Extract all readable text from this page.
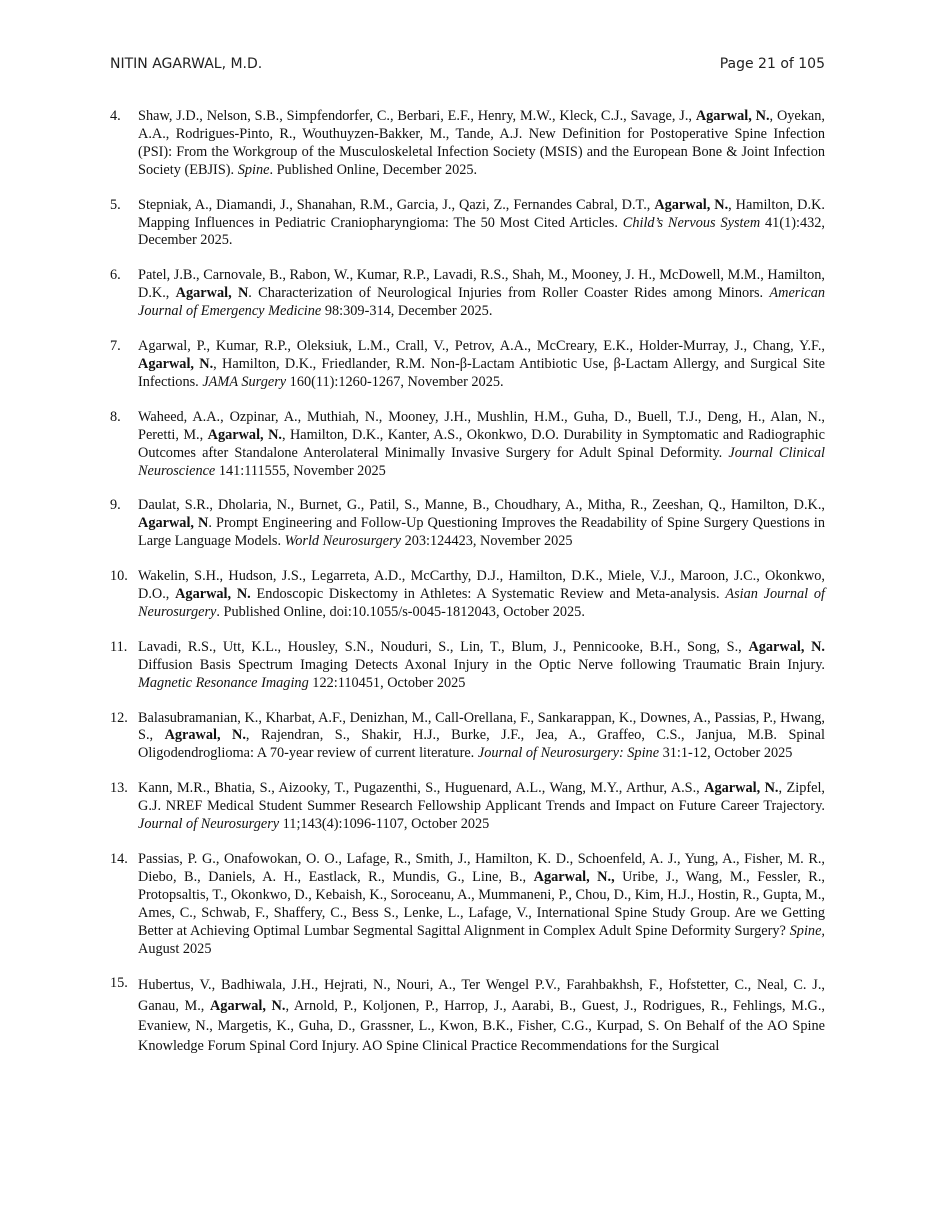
NITIN AGARWAL, M.D.	Page 21 of 105
4.	Shaw, J.D., Nelson, S.B., Simpfendorfer, C., Berbari, E.F., Henry, M.W., Kleck, C.J., Savage, J., Agarwal, N., Oyekan, A.A., Rodrigues-Pinto, R., Wouthuyzen-Bakker, M., Tande, A.J. New Definition for Postoperative Spine Infection (PSI): From the Workgroup of the Musculoskeletal Infection Society (MSIS) and the European Bone & Joint Infection Society (EBJIS). Spine. Published Online, December 2025.
5.	Stepniak, A., Diamandi, J., Shanahan, R.M., Garcia, J., Qazi, Z., Fernandes Cabral, D.T., Agarwal, N., Hamilton, D.K. Mapping Influences in Pediatric Craniopharyngioma: The 50 Most Cited Articles. Child’s Nervous System 41(1):432, December 2025.
6.	Patel, J.B., Carnovale, B., Rabon, W., Kumar, R.P., Lavadi, R.S., Shah, M., Mooney, J. H., McDowell, M.M., Hamilton, D.K., Agarwal, N. Characterization of Neurological Injuries from Roller Coaster Rides among Minors. American Journal of Emergency Medicine 98:309-314, December 2025.
7.	Agarwal, P., Kumar, R.P., Oleksiuk, L.M., Crall, V., Petrov, A.A., McCreary, E.K., Holder-Murray, J., Chang, Y.F., Agarwal, N., Hamilton, D.K., Friedlander, R.M. Non-β-Lactam Antibiotic Use, β-Lactam Allergy, and Surgical Site Infections. JAMA Surgery 160(11):1260-1267, November 2025.
8.	Waheed, A.A., Ozpinar, A., Muthiah, N., Mooney, J.H., Mushlin, H.M., Guha, D., Buell, T.J., Deng, H., Alan, N., Peretti, M., Agarwal, N., Hamilton, D.K., Kanter, A.S., Okonkwo, D.O. Durability in Symptomatic and Radiographic Outcomes after Standalone Anterolateral Minimally Invasive Surgery for Adult Spinal Deformity. Journal Clinical Neuroscience 141:111555, November 2025
9.	Daulat, S.R., Dholaria, N., Burnet, G., Patil, S., Manne, B., Choudhary, A., Mitha, R., Zeeshan, Q., Hamilton, D.K., Agarwal, N. Prompt Engineering and Follow-Up Questioning Improves the Readability of Spine Surgery Questions in Large Language Models. World Neurosurgery 203:124423, November 2025
10. Wakelin, S.H., Hudson, J.S., Legarreta, A.D., McCarthy, D.J., Hamilton, D.K., Miele, V.J., Maroon, J.C., Okonkwo, D.O., Agarwal, N. Endoscopic Diskectomy in Athletes: A Systematic Review and Meta-analysis. Asian Journal of Neurosurgery. Published Online, doi:10.1055/s-0045-1812043, October 2025.
11. Lavadi, R.S., Utt, K.L., Housley, S.N., Nouduri, S., Lin, T., Blum, J., Pennicooke, B.H., Song, S., Agarwal, N. Diffusion Basis Spectrum Imaging Detects Axonal Injury in the Optic Nerve following Traumatic Brain Injury. Magnetic Resonance Imaging 122:110451, October 2025
12. Balasubramanian, K., Kharbat, A.F., Denizhan, M., Call-Orellana, F., Sankarappan, K., Downes, A., Passias, P., Hwang, S., Agrawal, N., Rajendran, S., Shakir, H.J., Burke, J.F., Jea, A., Graffeo, C.S., Janjua, M.B. Spinal Oligodendroglioma: A 70-year review of current literature. Journal of Neurosurgery: Spine 31:1-12, October 2025
13. Kann, M.R., Bhatia, S., Aizooky, T., Pugazenthi, S., Huguenard, A.L., Wang, M.Y., Arthur, A.S., Agarwal, N., Zipfel, G.J. NREF Medical Student Summer Research Fellowship Applicant Trends and Impact on Future Career Trajectory. Journal of Neurosurgery 11;143(4):1096-1107, October 2025
14. Passias, P. G., Onafowokan, O. O., Lafage, R., Smith, J., Hamilton, K. D., Schoenfeld, A. J., Yung, A., Fisher, M. R., Diebo, B., Daniels, A. H., Eastlack, R., Mundis, G., Line, B., Agarwal, N., Uribe, J., Wang, M., Fessler, R., Protopsaltis, T., Okonkwo, D., Kebaish, K., Soroceanu, A., Mummaneni, P., Chou, D., Kim, H.J., Hostin, R., Gupta, M., Ames, C., Schwab, F., Shaffery, C., Bess S., Lenke, L., Lafage, V., International Spine Study Group. Are we Getting Better at Achieving Optimal Lumbar Segmental Sagittal Alignment in Complex Adult Spine Deformity Surgery? Spine, August 2025
15. Hubertus, V., Badhiwala, J.H., Hejrati, N., Nouri, A., Ter Wengel P.V., Farahbakhsh, F., Hofstetter, C., Neal, C. J., Ganau, M., Agarwal, N., Arnold, P., Koljonen, P., Harrop, J., Aarabi, B., Guest, J., Rodrigues, R., Fehlings, M.G., Evaniew, N., Margetis, K., Guha, D., Grassner, L., Kwon, B.K., Fisher, C.G., Kurpad, S. On Behalf of the AO Spine Knowledge Forum Spinal Cord Injury. AO Spine Clinical Practice Recommendations for the Surgical
